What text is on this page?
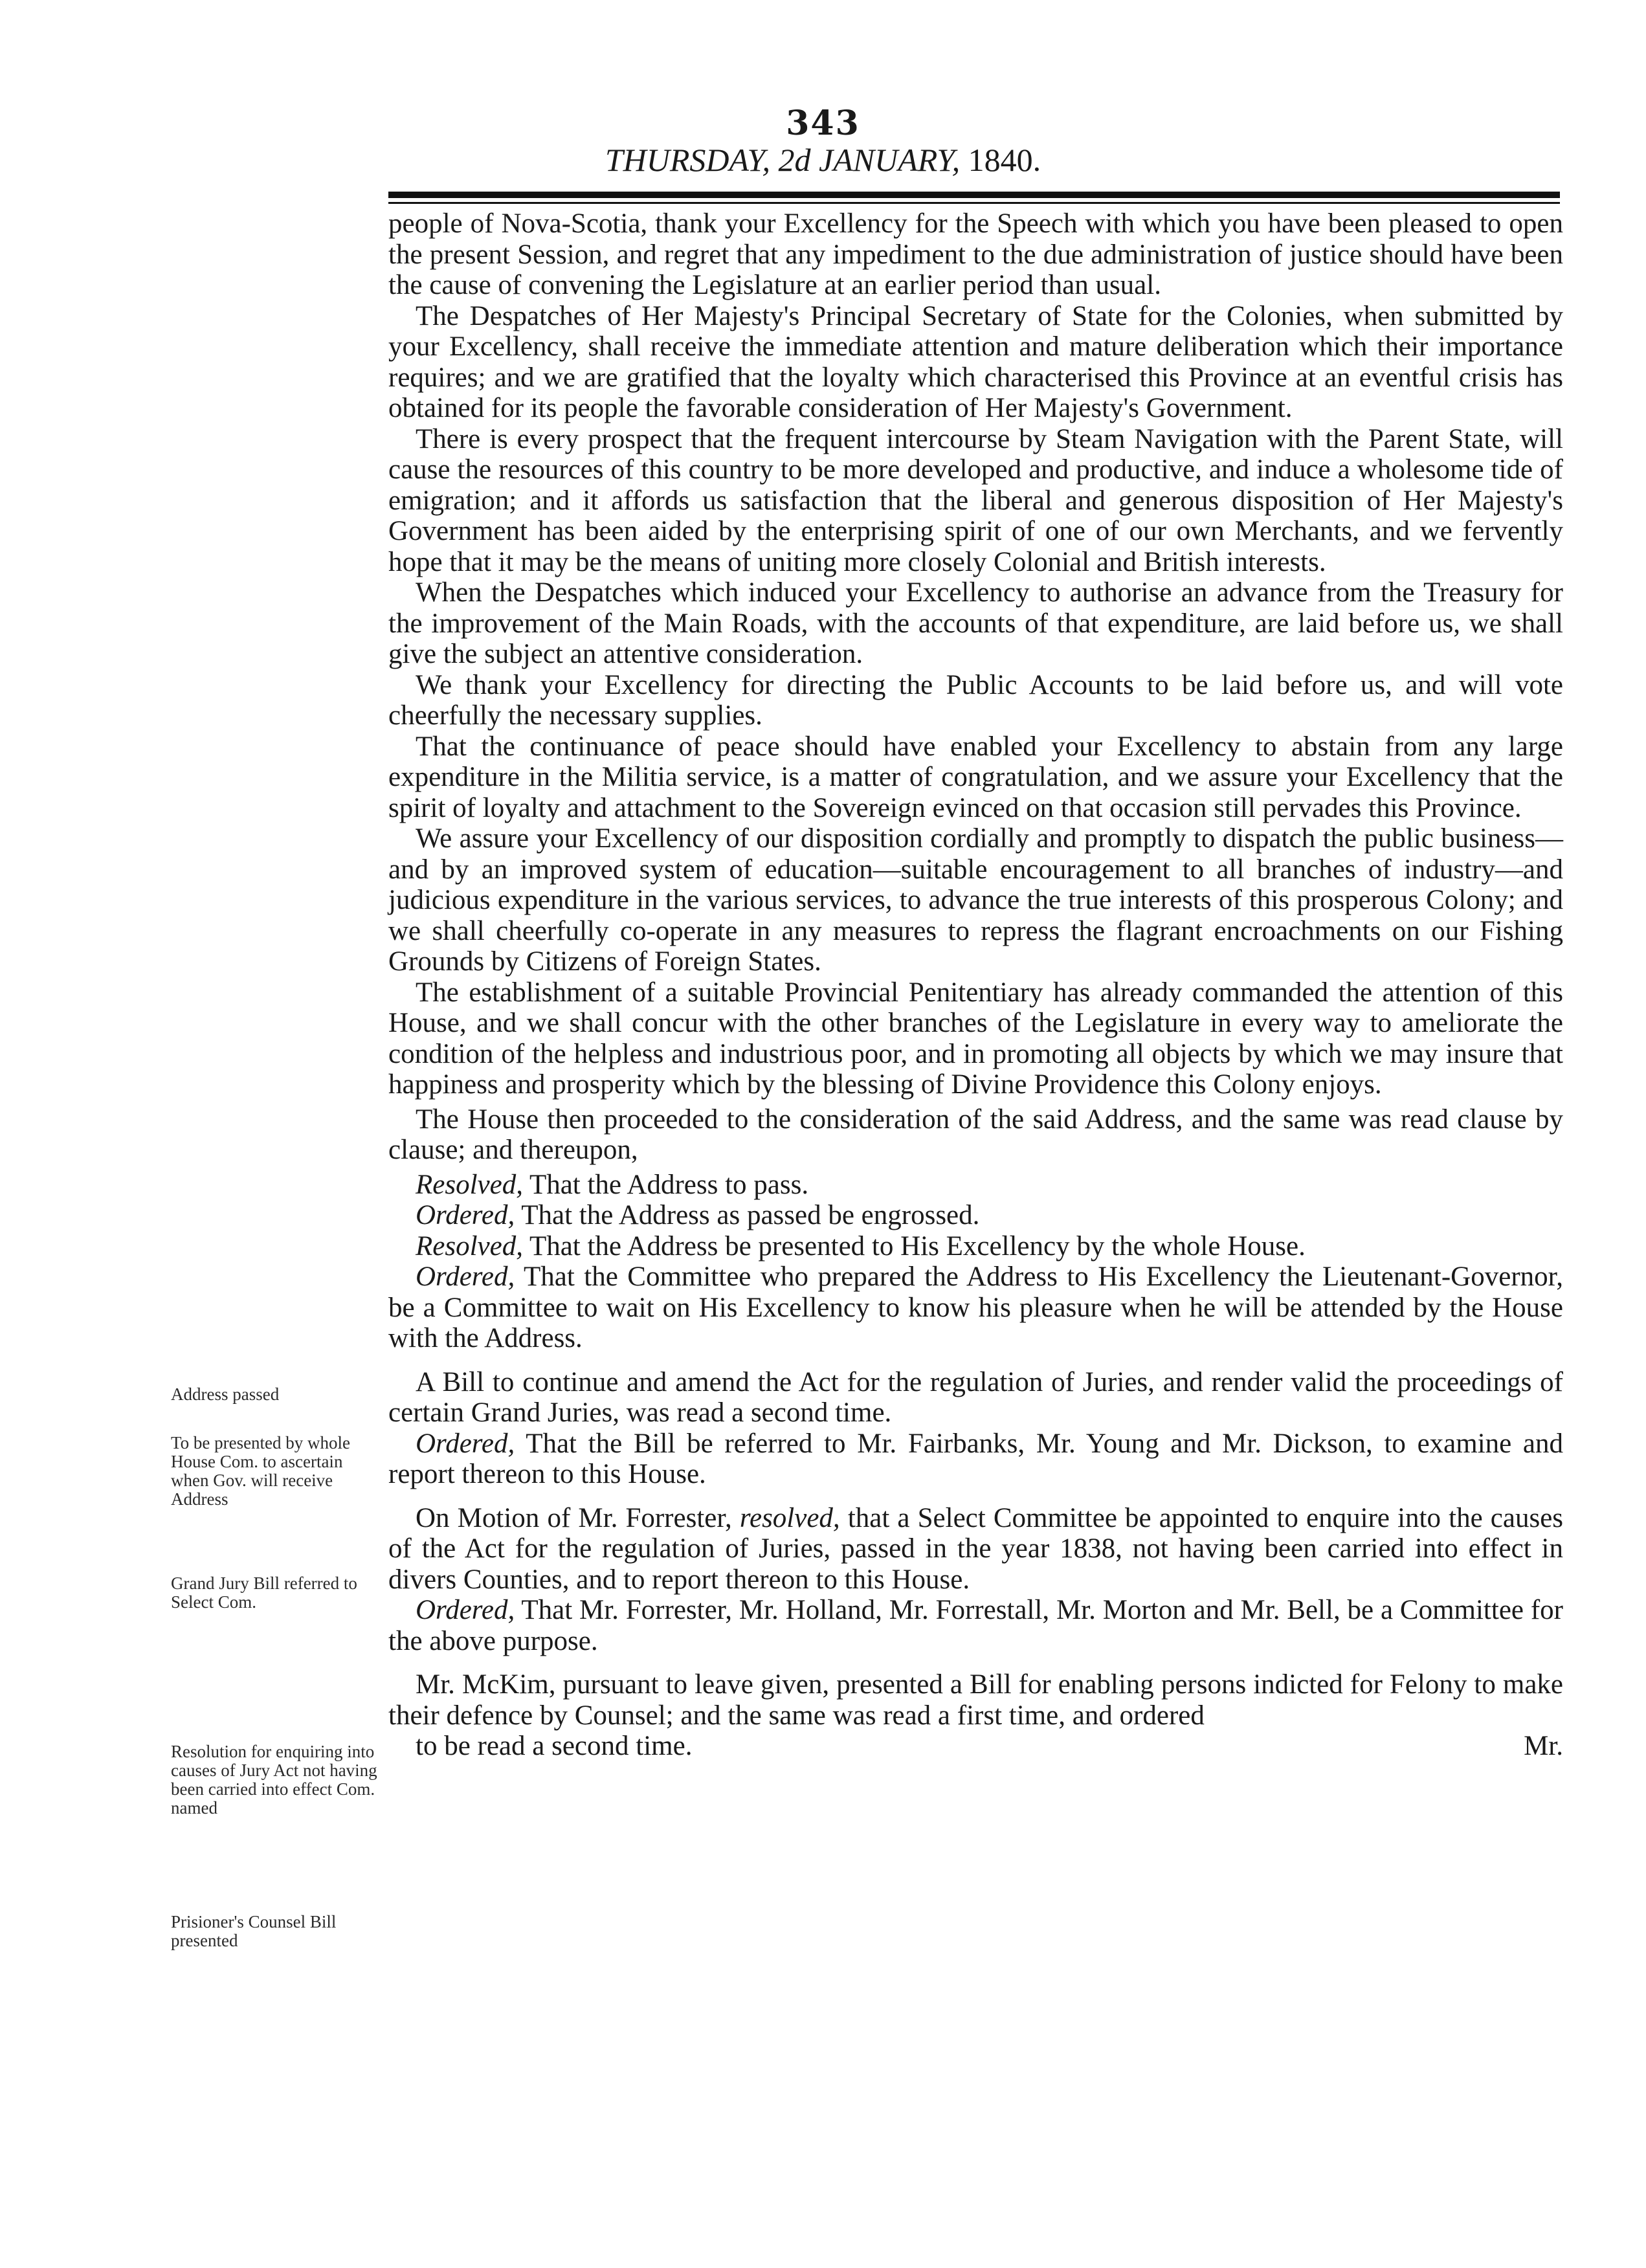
343
THURSDAY, 2d JANUARY, 1840.
Address passed
To be presented by whole House Com. to ascertain when Gov. will receive Address
Grand Jury Bill referred to Select Com.
Resolution for enquiring into causes of Jury Act not having been carried into effect Com. named
Prisioner's Counsel Bill presented

people of Nova-Scotia, thank your Excellency for the Speech with which you have been pleased to open the present Session, and regret that any impediment to the due administration of justice should have been the cause of convening the Legislature at an earlier period than usual.

The Despatches of Her Majesty's Principal Secretary of State for the Colonies, when submitted by your Excellency, shall receive the immediate attention and mature deliberation which their importance requires; and we are gratified that the loyalty which characterised this Province at an eventful crisis has obtained for its people the favorable consideration of Her Majesty's Government.

There is every prospect that the frequent intercourse by Steam Navigation with the Parent State, will cause the resources of this country to be more developed and productive, and induce a wholesome tide of emigration; and it affords us satisfaction that the liberal and generous disposition of Her Majesty's Government has been aided by the enterprising spirit of one of our own Merchants, and we fervently hope that it may be the means of uniting more closely Colonial and British interests.

When the Despatches which induced your Excellency to authorise an advance from the Treasury for the improvement of the Main Roads, with the accounts of that expenditure, are laid before us, we shall give the subject an attentive consideration.

We thank your Excellency for directing the Public Accounts to be laid before us, and will vote cheerfully the necessary supplies.

That the continuance of peace should have enabled your Excellency to abstain from any large expenditure in the Militia service, is a matter of congratulation, and we assure your Excellency that the spirit of loyalty and attachment to the Sovereign evinced on that occasion still pervades this Province.

We assure your Excellency of our disposition cordially and promptly to dispatch the public business—and by an improved system of education—suitable encouragement to all branches of industry—and judicious expenditure in the various services, to advance the true interests of this prosperous Colony; and we shall cheerfully co-operate in any measures to repress the flagrant encroachments on our Fishing Grounds by Citizens of Foreign States.

The establishment of a suitable Provincial Penitentiary has already commanded the attention of this House, and we shall concur with the other branches of the Legislature in every way to ameliorate the condition of the helpless and industrious poor, and in promoting all objects by which we may insure that happiness and prosperity which by the blessing of Divine Providence this Colony enjoys.

The House then proceeded to the consideration of the said Address, and the same was read clause by clause; and thereupon,

Resolved, That the Address to pass.

Ordered, That the Address as passed be engrossed.

Resolved, That the Address be presented to His Excellency by the whole House.

Ordered, That the Committee who prepared the Address to His Excellency the Lieutenant-Governor, be a Committee to wait on His Excellency to know his pleasure when he will be attended by the House with the Address.

A Bill to continue and amend the Act for the regulation of Juries, and render valid the proceedings of certain Grand Juries, was read a second time.

Ordered, That the Bill be referred to Mr. Fairbanks, Mr. Young and Mr. Dickson, to examine and report thereon to this House.

On Motion of Mr. Forrester, resolved, that a Select Committee be appointed to enquire into the causes of the Act for the regulation of Juries, passed in the year 1838, not having been carried into effect in divers Counties, and to report thereon to this House.

Ordered, That Mr. Forrester, Mr. Holland, Mr. Forrestall, Mr. Morton and Mr. Bell, be a Committee for the above purpose.

Mr. McKim, pursuant to leave given, presented a Bill for enabling persons indicted for Felony to make their defence by Counsel; and the same was read a first time, and ordered

to be read a second time.	Mr.
